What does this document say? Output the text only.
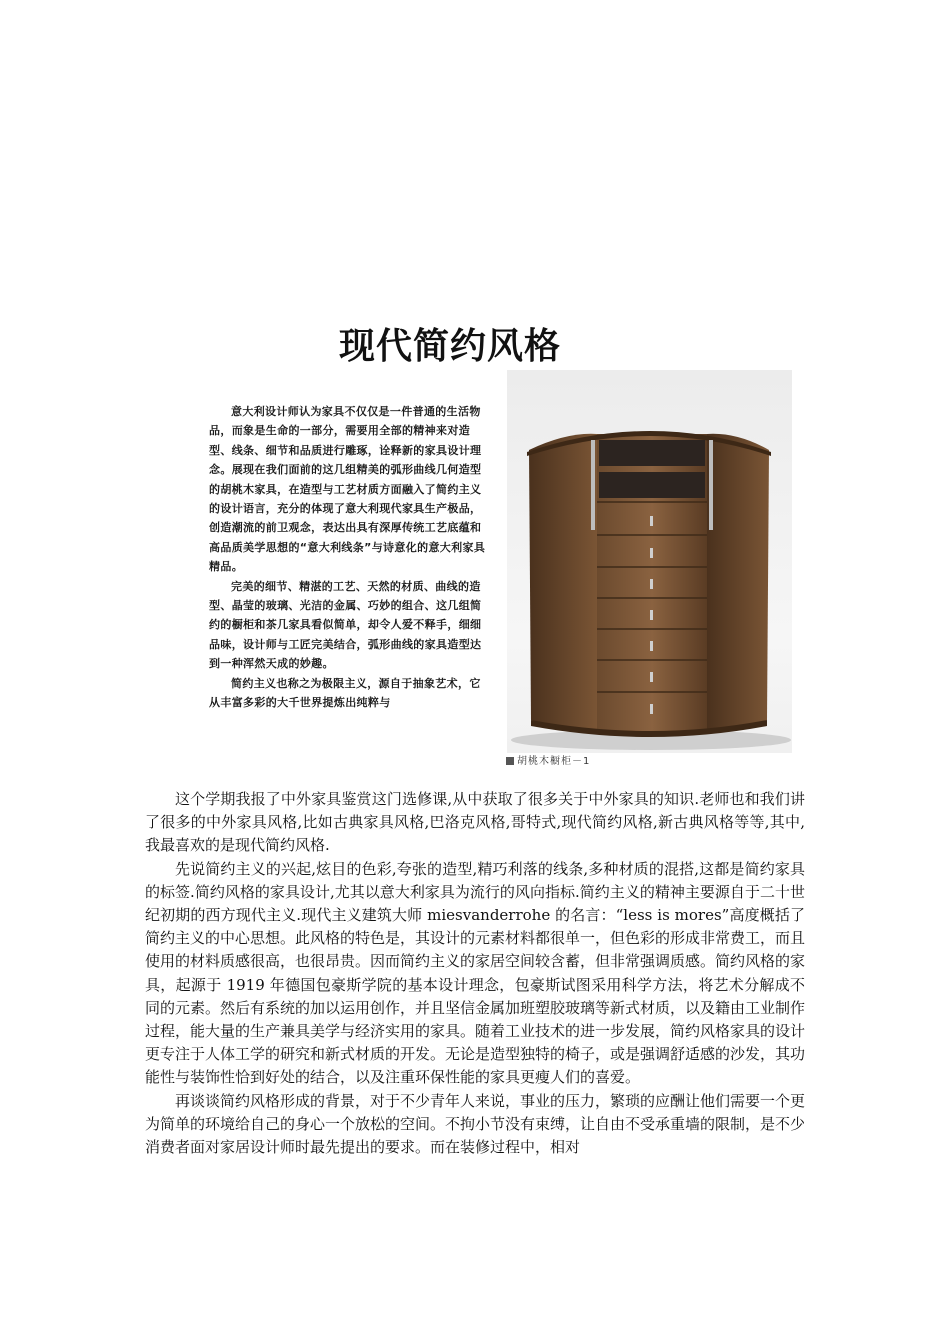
现代简约风格

意大利设计师认为家具不仅仅是一件普通的生活物品，而象是生命的一部分，需要用全部的精神来对造型、线条、细节和品质进行雕琢，诠释新的家具设计理念。展现在我们面前的这几组精美的弧形曲线几何造型的胡桃木家具，在造型与工艺材质方面融入了简约主义的设计语言，充分的体现了意大利现代家具生产极品，创造潮流的前卫观念，表达出具有深厚传统工艺底蕴和高品质美学思想的“意大利线条”与诗意化的意大利家具精品。

完美的细节、精湛的工艺、天然的材质、曲线的造型、晶莹的玻璃、光洁的金属、巧妙的组合、这几组简约的橱柜和茶几家具看似简单，却令人爱不释手，细细品味，设计师与工匠完美结合，弧形曲线的家具造型达到一种浑然天成的妙趣。

简约主义也称之为极限主义，源自于抽象艺术，它从丰富多彩的大千世界提炼出纯粹与

胡桃木橱柜－1

这个学期我报了中外家具鉴赏这门选修课,从中获取了很多关于中外家具的知识.老师也和我们讲了很多的中外家具风格,比如古典家具风格,巴洛克风格,哥特式,现代简约风格,新古典风格等等,其中,我最喜欢的是现代简约风格.

先说简约主义的兴起,炫目的色彩,夸张的造型,精巧利落的线条,多种材质的混搭,这都是简约家具的标签.简约风格的家具设计,尤其以意大利家具为流行的风向指标.简约主义的精神主要源自于二十世纪初期的西方现代主义.现代主义建筑大师 miesvanderrohe 的名言：“less is mores”高度概括了简约主义的中心思想。此风格的特色是，其设计的元素材料都很单一，但色彩的形成非常费工，而且使用的材料质感很高，也很昂贵。因而简约主义的家居空间较含蓄，但非常强调质感。简约风格的家具，起源于 1919 年德国包豪斯学院的基本设计理念，包豪斯试图采用科学方法，将艺术分解成不同的元素。然后有系统的加以运用创作，并且坚信金属加班塑胶玻璃等新式材质，以及籍由工业制作过程，能大量的生产兼具美学与经济实用的家具。随着工业技术的进一步发展，简约风格家具的设计更专注于人体工学的研究和新式材质的开发。无论是造型独特的椅子，或是强调舒适感的沙发，其功能性与装饰性恰到好处的结合，以及注重环保性能的家具更瘦人们的喜爱。

再谈谈简约风格形成的背景，对于不少青年人来说，事业的压力，繁琐的应酬让他们需要一个更为简单的环境给自己的身心一个放松的空间。不拘小节没有束缚，让自由不受承重墙的限制，是不少消费者面对家居设计师时最先提出的要求。而在装修过程中，相对
